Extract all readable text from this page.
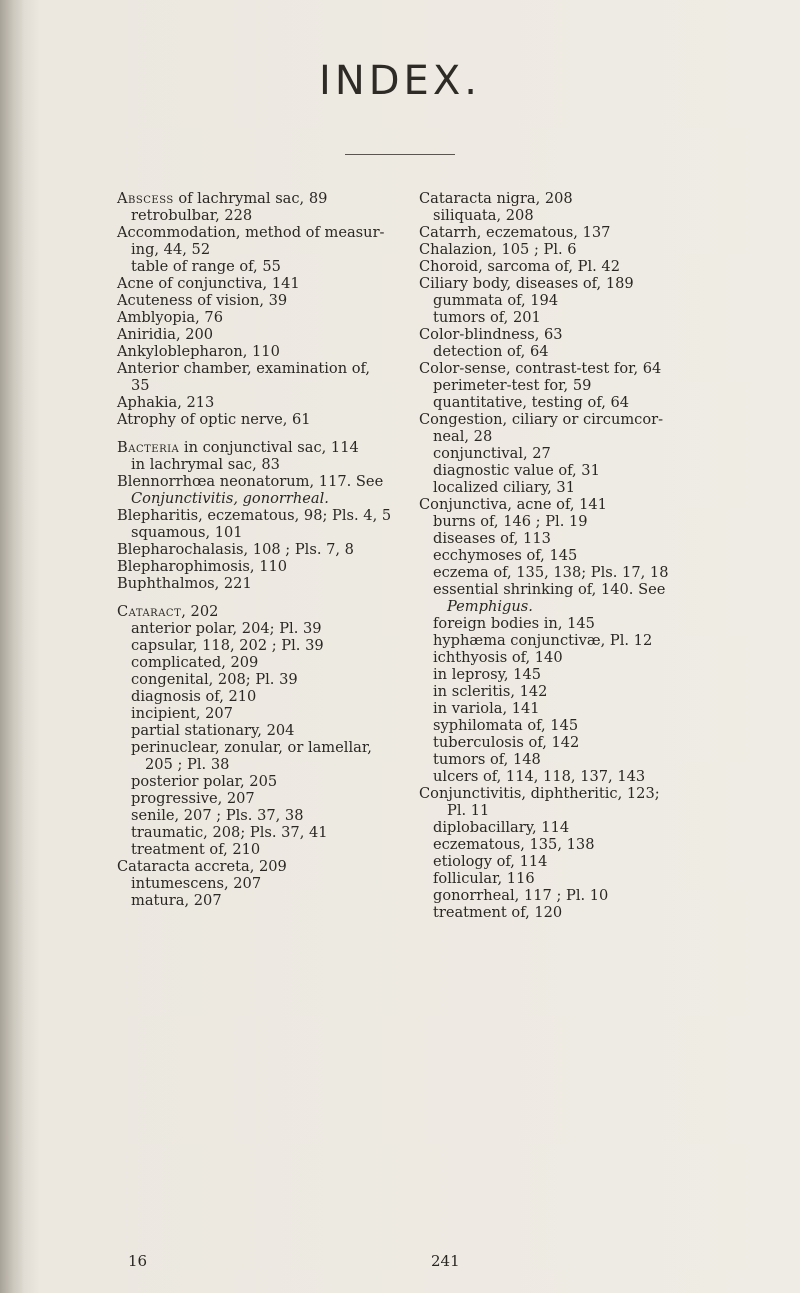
INDEX.
Abscess of lachrymal sac, 89
retrobulbar, 228
Accommodation, method of measur-
ing, 44, 52
table of range of, 55
Acne of conjunctiva, 141
Acuteness of vision, 39
Amblyopia, 76
Aniridia, 200
Ankyloblepharon, 110
Anterior chamber, examination of,
35
Aphakia, 213
Atrophy of optic nerve, 61
Bacteria in conjunctival sac, 114
in lachrymal sac, 83
Blennorrhœa neonatorum, 117. See
Conjunctivitis, gonorrheal.
Blepharitis, eczematous, 98; Pls. 4, 5
squamous, 101
Blepharochalasis, 108 ; Pls. 7, 8
Blepharophimosis, 110
Buphthalmos, 221
Cataract, 202
anterior polar, 204; Pl. 39
capsular, 118, 202 ; Pl. 39
complicated, 209
congenital, 208; Pl. 39
diagnosis of, 210
incipient, 207
partial stationary, 204
perinuclear, zonular, or lamellar,
205 ; Pl. 38
posterior polar, 205
progressive, 207
senile, 207 ; Pls. 37, 38
traumatic, 208; Pls. 37, 41
treatment of, 210
Cataracta accreta, 209
intumescens, 207
matura, 207
Cataracta nigra, 208
siliquata, 208
Catarrh, eczematous, 137
Chalazion, 105 ; Pl. 6
Choroid, sarcoma of, Pl. 42
Ciliary body, diseases of, 189
gummata of, 194
tumors of, 201
Color-blindness, 63
detection of, 64
Color-sense, contrast-test for, 64
perimeter-test for, 59
quantitative, testing of, 64
Congestion, ciliary or circumcor-
neal, 28
conjunctival, 27
diagnostic value of, 31
localized ciliary, 31
Conjunctiva, acne of, 141
burns of, 146 ; Pl. 19
diseases of, 113
ecchymoses of, 145
eczema of, 135, 138; Pls. 17, 18
essential shrinking of, 140. See
Pemphigus.
foreign bodies in, 145
hyphæma conjunctivæ, Pl. 12
ichthyosis of, 140
in leprosy, 145
in scleritis, 142
in variola, 141
syphilomata of, 145
tuberculosis of, 142
tumors of, 148
ulcers of, 114, 118, 137, 143
Conjunctivitis, diphtheritic, 123;
Pl. 11
diplobacillary, 114
eczematous, 135, 138
etiology of, 114
follicular, 116
gonorrheal, 117 ; Pl. 10
treatment of, 120
16	241
